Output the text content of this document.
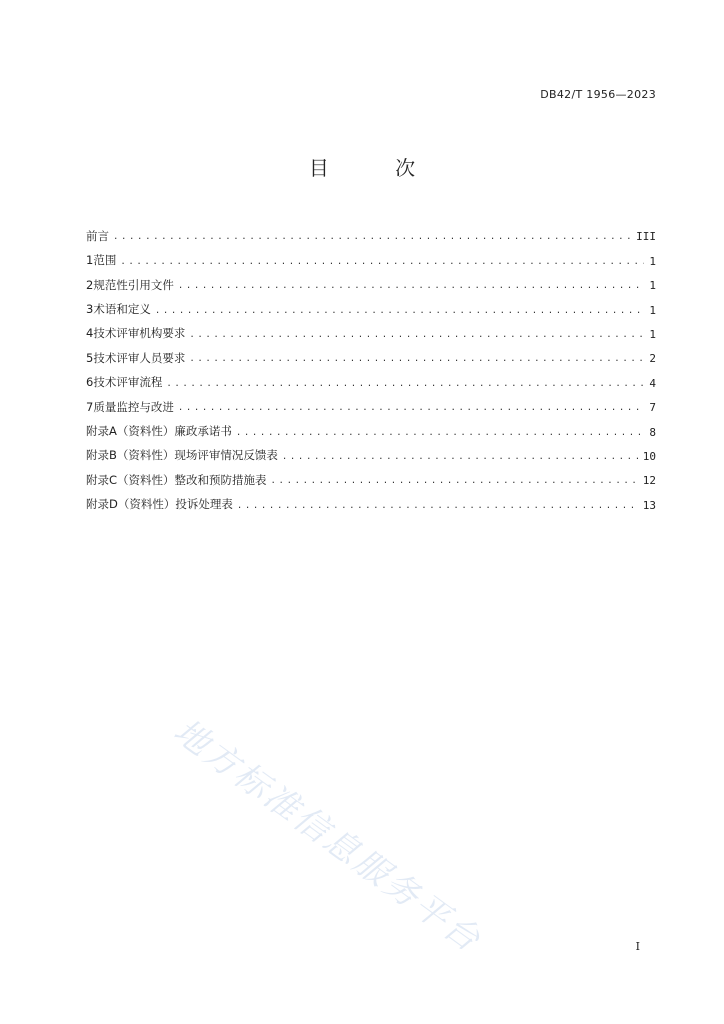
DB42/T 1956—2023
目 次
前言 .....	III
1 范围 .....	1
2 规范性引用文件 .....	1
3 术语和定义 .....	1
4 技术评审机构要求 .....	1
5 技术评审人员要求 .....	2
6 技术评审流程 .....	4
7 质量监控与改进 .....	7
附录A（资料性） 廉政承诺书 .....	8
附录B（资料性） 现场评审情况反馈表 .....	10
附录C（资料性） 整改和预防措施表 .....	12
附录D（资料性） 投诉处理表 .....	13
地方标准信息服务平台	I
